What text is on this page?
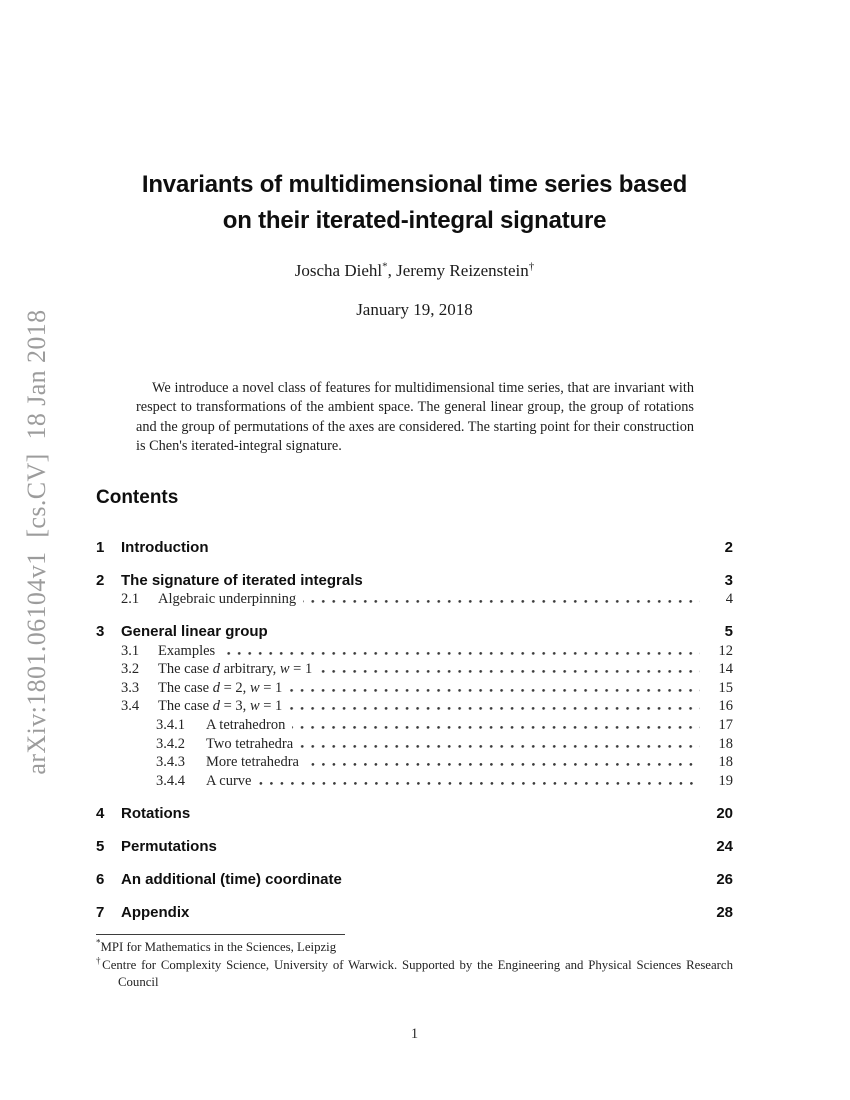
arXiv:1801.06104v1  [cs.CV]  18 Jan 2018
Invariants of multidimensional time series based
on their iterated-integral signature
Joscha Diehl*, Jeremy Reizenstein†
January 19, 2018

We introduce a novel class of features for multidimensional time series, that are invariant with respect to transformations of the ambient space. The general linear group, the group of rotations and the group of permutations of the axes are considered. The starting point for their construction is Chen's iterated-integral signature.

Contents
1	Introduction	2
2	The signature of iterated integrals	3
2.1	Algebraic underpinning	4
3	General linear group	5
3.1	Examples	12
3.2	The case d arbitrary, w = 1	14
3.3	The case d = 2, w = 1	15
3.4	The case d = 3, w = 1	16
3.4.1	A tetrahedron	17
3.4.2	Two tetrahedra	18
3.4.3	More tetrahedra	18
3.4.4	A curve	19
4	Rotations	20
5	Permutations	24
6	An additional (time) coordinate	26
7	Appendix	28
*MPI for Mathematics in the Sciences, Leipzig
†Centre for Complexity Science, University of Warwick. Supported by the Engineering and Physical Sciences Research Council
1
